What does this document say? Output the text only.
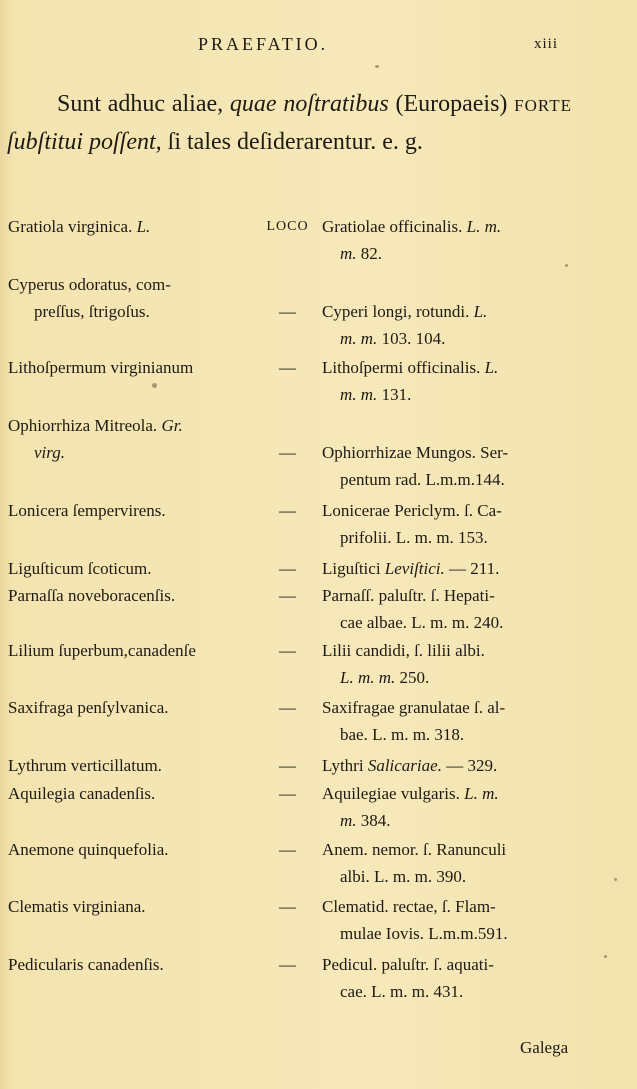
PRAEFATIO.	xiii
Sunt adhuc aliae, quae noſtratibus (Europaeis) FORTE ſubſtitui poſſent, ſi tales deſiderarentur. e. g.
Gratiola virginica. L.	LOCO Gratiolae officinalis. L. m.
m. 82.
Cyperus odoratus, com-
preſſus, ſtrigoſus.	—	Cyperi longi, rotundi. L.
m. m. 103. 104.
Lithoſpermum virginianum	—	Lithoſpermi officinalis. L.
m. m. 131.
Ophiorrhiza Mitreola. Gr.
virg.	—	Ophiorrhizae Mungos. Ser-
pentum rad. L.m.m.144.
Lonicera ſempervirens.	—	Lonicerae Periclym. ſ. Ca-
prifolii. L. m. m. 153.
Liguſticum ſcoticum.	—	Liguſtici Leviſtici. — 211.
Parnaſſa noveboracenſis.	—	Parnaſſ. paluſtr. ſ. Hepati-
cae albae. L. m. m. 240.
Lilium ſuperbum,canadenſe	—	Lilii candidi, ſ. lilii albi.
L. m. m. 250.
Saxifraga penſylvanica.	—	Saxifragae granulatae ſ. al-
bae. L. m. m. 318.
Lythrum verticillatum.	—	Lythri Salicariae. — 329.
Aquilegia canadenſis.	—	Aquilegiae vulgaris. L. m.
m. 384.
Anemone quinquefolia.	—	Anem. nemor. ſ. Ranunculi
albi. L. m. m. 390.
Clematis virginiana.	—	Clematid. rectae, ſ. Flam-
mulae Iovis. L.m.m.591.
Pedicularis canadenſis.	—	Pedicul. paluſtr. ſ. aquati-
cae. L. m. m. 431.
Galega
